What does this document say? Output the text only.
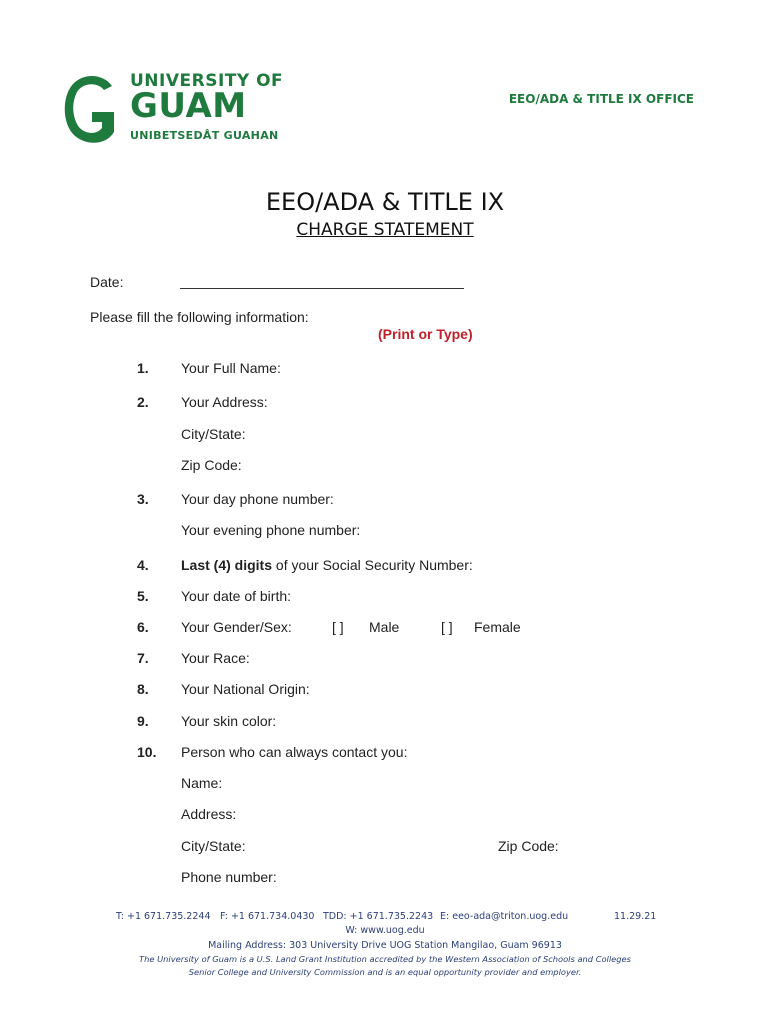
UNIVERSITY OF
GUAM
UNIBETSEDÅT GUAHAN
EEO/ADA & TITLE IX OFFICE
EEO/ADA & TITLE IX
CHARGE STATEMENT
Date:
Please fill the following information:
(Print or Type)
1. Your Full Name:
2. Your Address:
City/State:
Zip Code:
3. Your day phone number:
Your evening phone number:
4. Last (4) digits of your Social Security Number:
5. Your date of birth:
6. Your Gender/Sex:	[ ] Male	[ ] Female
7. Your Race:
8. Your National Origin:
9. Your skin color:
10. Person who can always contact you:
Name:
Address:
City/State:	Zip Code:
Phone number:
T: +1 671.735.2244 F: +1 671.734.0430 TDD: +1 671.735.2243 E: eeo-ada@triton.uog.edu	11.29.21
W: www.uog.edu
Mailing Address: 303 University Drive UOG Station Mangilao, Guam 96913
The University of Guam is a U.S. Land Grant Institution accredited by the Western Association of Schools and Colleges
Senior College and University Commission and is an equal opportunity provider and employer.
